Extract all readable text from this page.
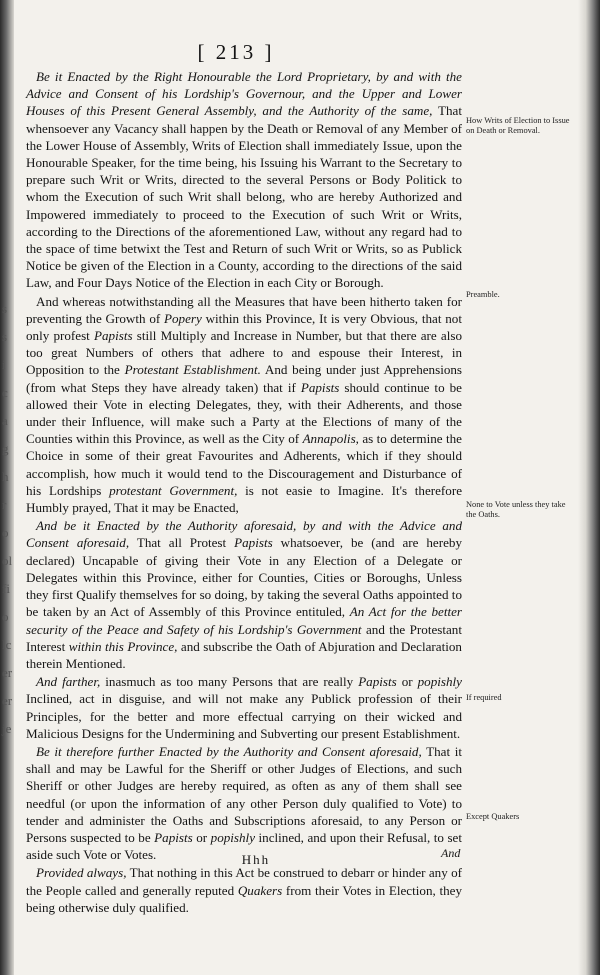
s
s
i
c
a
g
h
r
o
ol
fi
o
lc
er
er
je
[ 213 ]

Be it Enacted by the Right Honourable the Lord Proprietary, by and with the Advice and Consent of his Lordship's Governour, and the Upper and Lower Houses of this Present General Assembly, and the Authority of the same, That whensoever any Vacancy shall happen by the Death or Removal of any Member of the Lower House of Assembly, Writs of Election shall immediately Issue, upon the Honourable Speaker, for the time being, his Issuing his Warrant to the Secretary to prepare such Writ or Writs, directed to the several Persons or Body Politick to whom the Execution of such Writ shall belong, who are hereby Authorized and Impowered immediately to proceed to the Execution of such Writ or Writs, according to the Directions of the aforementioned Law, without any regard had to the space of time betwixt the Test and Return of such Writ or Writs, so as Publick Notice be given of the Election in a County, according to the directions of the said Law, and Four Days Notice of the Election in each City or Borough.

And whereas notwithstanding all the Measures that have been hitherto taken for preventing the Growth of Popery within this Province, It is very Obvious, that not only profest Papists still Multiply and Increase in Number, but that there are also too great Numbers of others that adhere to and espouse their Interest, in Opposition to the Protestant Establishment. And being under just Apprehensions (from what Steps they have already taken) that if Papists should continue to be allowed their Vote in electing Delegates, they, with their Adherents, and those under their Influence, will make such a Party at the Elections of many of the Counties within this Province, as well as the City of Annapolis, as to determine the Choice in some of their great Favourites and Adherents, which if they should accomplish, how much it would tend to the Discouragement and Disturbance of his Lordships protestant Government, is not easie to Imagine. It's therefore Humbly prayed, That it may be Enacted,

And be it Enacted by the Authority aforesaid, by and with the Advice and Consent aforesaid, That all Protest Papists whatsoever, be (and are hereby declared) Uncapable of giving their Vote in any Election of a Delegate or Delegates within this Province, either for Counties, Cities or Boroughs, Unless they first Qualify themselves for so doing, by taking the several Oaths appointed to be taken by an Act of Assembly of this Province entituled, An Act for the better security of the Peace and Safety of his Lordship's Government and the Protestant Interest within this Province, and subscribe the Oath of Abjuration and Declaration therein Mentioned.

And farther, inasmuch as too many Persons that are really Papists or popishly Inclined, act in disguise, and will not make any Publick profession of their Principles, for the better and more effectual carrying on their wicked and Malicious Designs for the Undermining and Subverting our present Establishment.

Be it therefore further Enacted by the Authority and Consent aforesaid, That it shall and may be Lawful for the Sheriff or other Judges of Elections, and such Sheriff or other Judges are hereby required, as often as any of them shall see needful (or upon the information of any other Person duly qualified to Vote) to tender and administer the Oaths and Subscriptions aforesaid, to any Person or Persons suspected to be Papists or popishly inclined, and upon their Refusal, to set aside such Vote or Votes.

Provided always, That nothing in this Act be construed to debarr or hinder any of the People called and generally reputed Quakers from their Votes in Election, they being otherwise duly qualified.

How Writs of Election to Issue on Death or Removal.
Preamble.
None to Vote unless they take the Oaths.
If required
Except Quakers
Hhh	And
